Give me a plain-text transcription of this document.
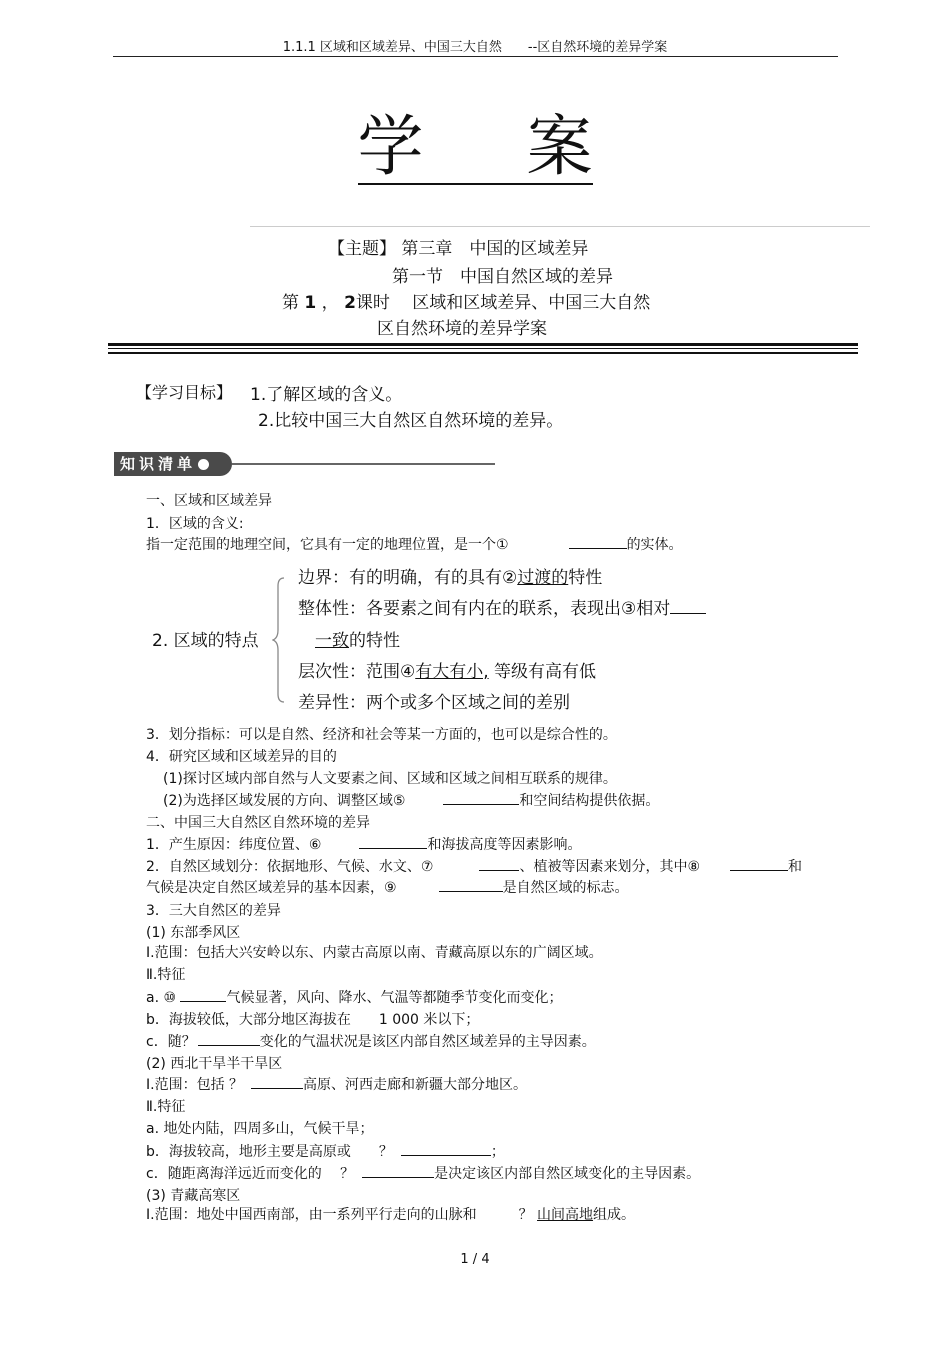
1.1.1 区域和区域差异、中国三大自然　　--区自然环境的差异学案
学 案
【主题】 第三章　中国的区域差异
第一节　中国自然区域的差异
第 1 ， 2课时　 区域和区域差异、中国三大自然
区自然环境的差异学案
【学习目标】 1.了解区域的含义。
2.比较中国三大自然区自然环境的差异。
知识清单
一、区域和区域差异
1．区域的含义:
指一定范围的地理空间，它具有一定的地理位置，是一个①	的实体。
边界：有的明确，有的具有②过渡的特性
整体性：各要素之间有内在的联系，表现出③相对
2. 区域的特点	一致的特性
层次性：范围④有大有小, 等级有高有低
差异性：两个或多个区域之间的差别
3．划分指标：可以是自然、经济和社会等某一方面的，也可以是综合性的。
4．研究区域和区域差异的目的
(1)探讨区域内部自然与人文要素之间、区域和区域之间相互联系的规律。
(2)为选择区域发展的方向、调整区域⑤	和空间结构提供依据。
二、中国三大自然区自然环境的差异
1．产生原因：纬度位置、⑥	和海拔高度等因素影响。
2．自然区域划分：依据地形、气候、水文、⑦	、植被等因素来划分，其中⑧	和
气候是决定自然区域差异的基本因素，⑨	是自然区域的标志。
3．三大自然区的差异
(1) 东部季风区
Ⅰ.范围：包括大兴安岭以东、内蒙古高原以南、青藏高原以东的广阔区域。
Ⅱ.特征
a. ⑩	气候显著，风向、降水、气温等都随季节变化而变化；
b．海拔较低，大部分地区海拔在　　1 000 米以下；
c．随？	变化的气温状况是该区内部自然区域差异的主导因素。
(2) 西北干旱半干旱区
Ⅰ.范围：包括 ？	高原、河西走廊和新疆大部分地区。
Ⅱ.特征
a. 地处内陆，四周多山，气候干旱；
b．海拔较高，地形主要是高原或　　？	；
c．随距离海洋远近而变化的　 ？	是决定该区内部自然区域变化的主导因素。
(3) 青藏高寒区
Ⅰ.范围：地处中国西南部，由一系列平行走向的山脉和　　　？ 山间高地组成。
1 / 4
